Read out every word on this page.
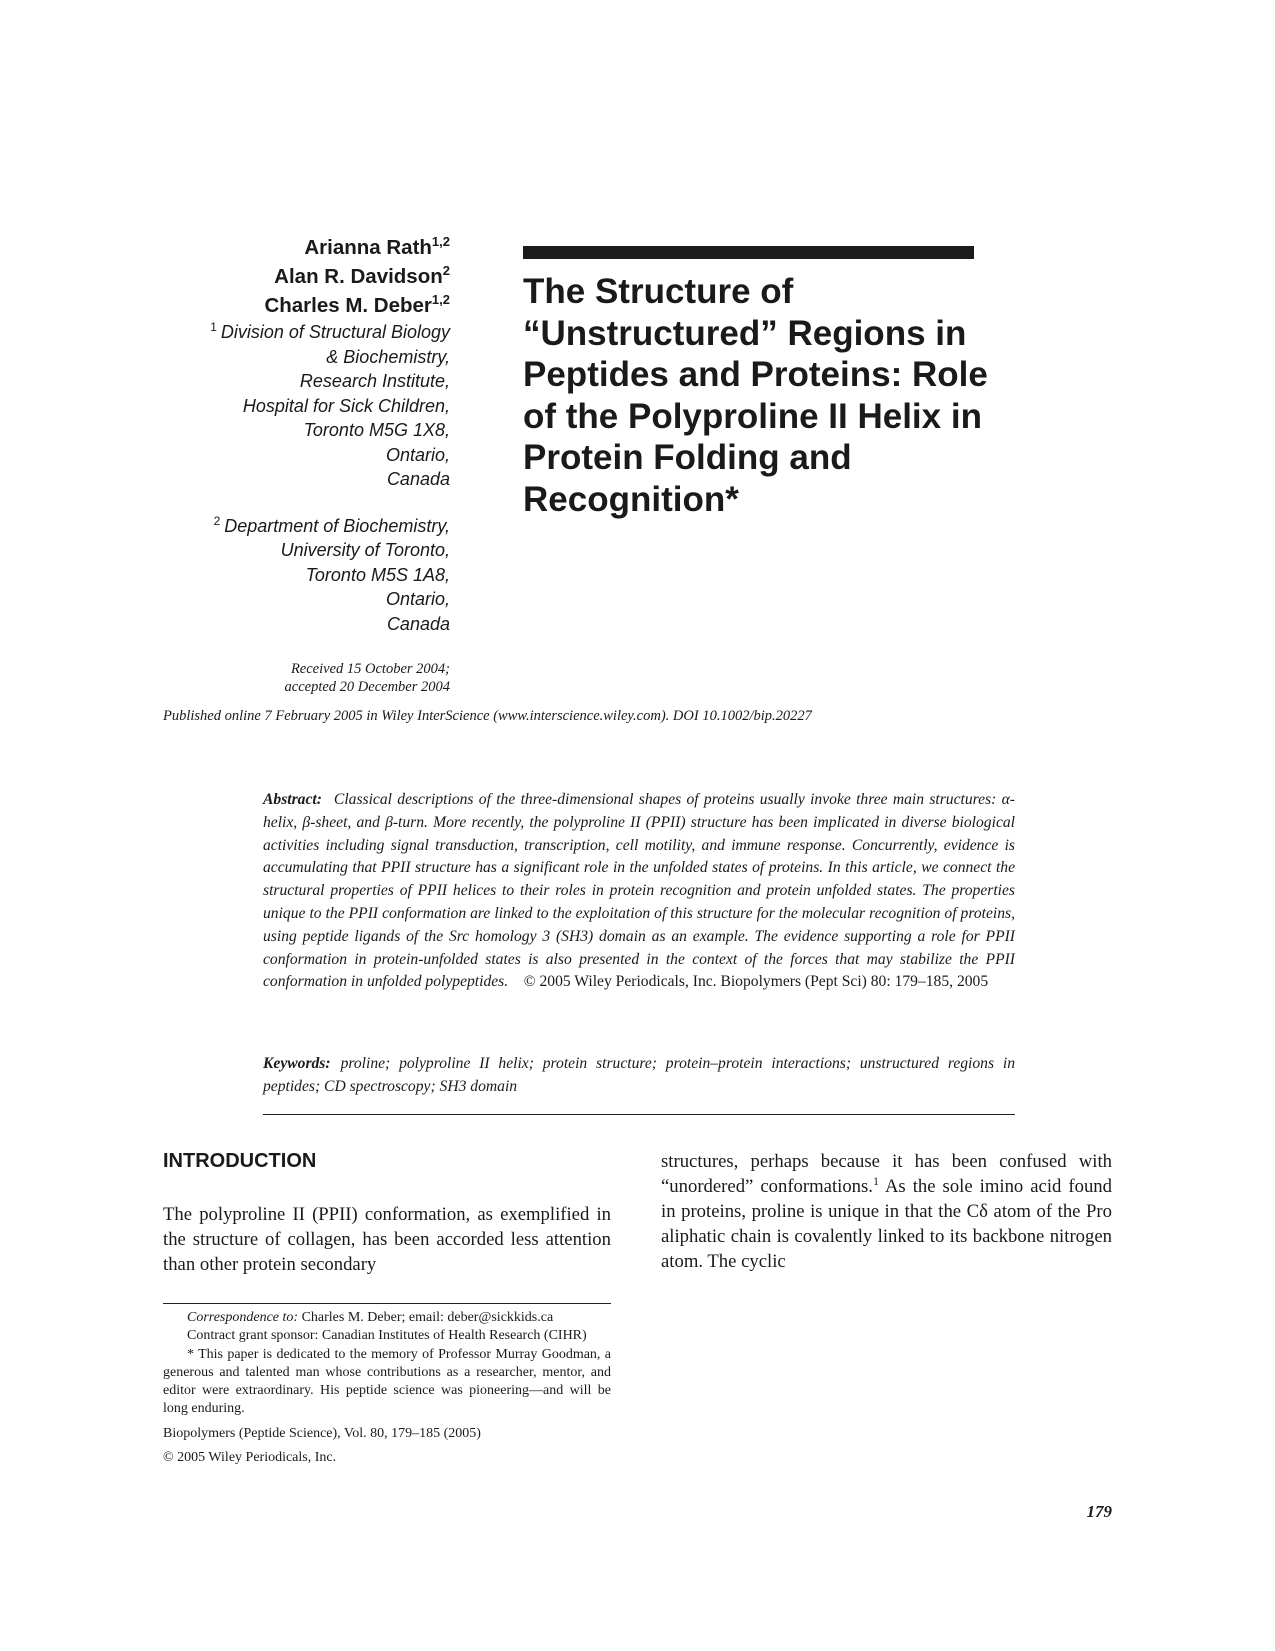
Arianna Rath$^{1,2}$
Alan R. Davidson$^2$
Charles M. Deber$^{1,2}$
$^1$ Division of Structural Biology
& Biochemistry,
Research Institute,
Hospital for Sick Children,
Toronto M5G 1X8,
Ontario,
Canada
$^2$ Department of Biochemistry,
University of Toronto,
Toronto M5S 1A8,
Ontario,
Canada
Received 15 October 2004;
accepted 20 December 2004
The Structure of
“Unstructured” Regions in
Peptides and Proteins: Role
of the Polyproline II Helix in
Protein Folding and
Recognition*
Published online 7 February 2005 in Wiley InterScience (www.interscience.wiley.com). DOI 10.1002/bip.20227
Abstract: Classical descriptions of the three-dimensional shapes of proteins usually invoke three main structures: α-helix, β-sheet, and β-turn. More recently, the polyproline II (PPII) structure has been implicated in diverse biological activities including signal transduction, transcription, cell motility, and immune response. Concurrently, evidence is accumulating that PPII structure has a significant role in the unfolded states of proteins. In this article, we connect the structural properties of PPII helices to their roles in protein recognition and protein unfolded states. The properties unique to the PPII conformation are linked to the exploitation of this structure for the molecular recognition of proteins, using peptide ligands of the Src homology 3 (SH3) domain as an example. The evidence supporting a role for PPII conformation in protein-unfolded states is also presented in the context of the forces that may stabilize the PPII conformation in unfolded polypeptides. © 2005 Wiley Periodicals, Inc. Biopolymers (Pept Sci) 80: 179–185, 2005
Keywords: proline; polyproline II helix; protein structure; protein–protein interactions; unstructured regions in peptides; CD spectroscopy; SH3 domain
INTRODUCTION

The polyproline II (PPII) conformation, as exemplified in the structure of collagen, has been accorded less attention than other protein secondary

structures, perhaps because it has been confused with “unordered” conformations.$^1$ As the sole imino acid found in proteins, proline is unique in that the Cδ atom of the Pro aliphatic chain is covalently linked to its backbone nitrogen atom. The cyclic

Correspondence to: Charles M. Deber; email: deber@sickkids.ca

Contract grant sponsor: Canadian Institutes of Health Research (CIHR)

* This paper is dedicated to the memory of Professor Murray Goodman, a generous and talented man whose contributions as a researcher, mentor, and editor were extraordinary. His peptide science was pioneering—and will be long enduring.

Biopolymers (Peptide Science), Vol. 80, 179–185 (2005)

© 2005 Wiley Periodicals, Inc.

179
